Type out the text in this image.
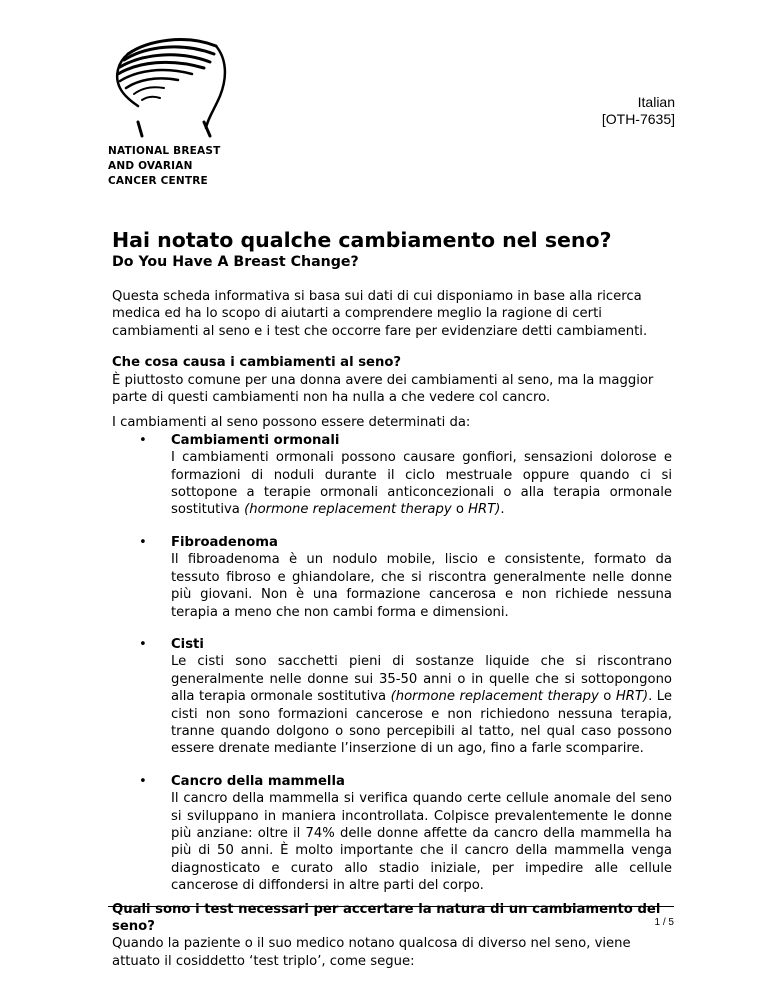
NATIONAL BREAST
AND OVARIAN
CANCER CENTRE
Italian
[OTH-7635]
Hai notato qualche cambiamento nel seno?
Do You Have A Breast Change?

Questa scheda informativa si basa sui dati di cui disponiamo in base alla ricerca medica ed ha lo scopo di aiutarti a comprendere meglio la ragione di certi cambiamenti al seno e i test che occorre fare per evidenziare detti cambiamenti.

Che cosa causa i cambiamenti al seno?

È piuttosto comune per una donna avere dei cambiamenti al seno, ma la maggior parte di questi cambiamenti non ha nulla a che vedere col cancro.

I cambiamenti al seno possono essere determinati da:

• Cambiamenti ormonali
I cambiamenti ormonali possono causare gonfiori, sensazioni dolorose e formazioni di noduli durante il ciclo mestruale oppure quando ci si sottopone a terapie ormonali anticoncezionali o alla terapia ormonale sostitutiva (hormone replacement therapy o HRT).
• Fibroadenoma
Il fibroadenoma è un nodulo mobile, liscio e consistente, formato da tessuto fibroso e ghiandolare, che si riscontra generalmente nelle donne più giovani. Non è una formazione cancerosa e non richiede nessuna terapia a meno che non cambi forma e dimensioni.
• Cisti
Le cisti sono sacchetti pieni di sostanze liquide che si riscontrano generalmente nelle donne sui 35-50 anni o in quelle che si sottopongono alla terapia ormonale sostitutiva (hormone replacement therapy o HRT). Le cisti non sono formazioni cancerose e non richiedono nessuna terapia, tranne quando dolgono o sono percepibili al tatto, nel qual caso possono essere drenate mediante l’inserzione di un ago, fino a farle scomparire.
• Cancro della mammella
Il cancro della mammella si verifica quando certe cellule anomale del seno si sviluppano in maniera incontrollata. Colpisce prevalentemente le donne più anziane: oltre il 74% delle donne affette da cancro della mammella ha più di 50 anni. È molto importante che il cancro della mammella venga diagnosticato e curato allo stadio iniziale, per impedire alle cellule cancerose di diffondersi in altre parti del corpo.

Quali sono i test necessari per accertare la natura di un cambiamento del seno?

Quando la paziente o il suo medico notano qualcosa di diverso nel seno, viene attuato il cosiddetto ‘test triplo’, come segue:

1 / 5
